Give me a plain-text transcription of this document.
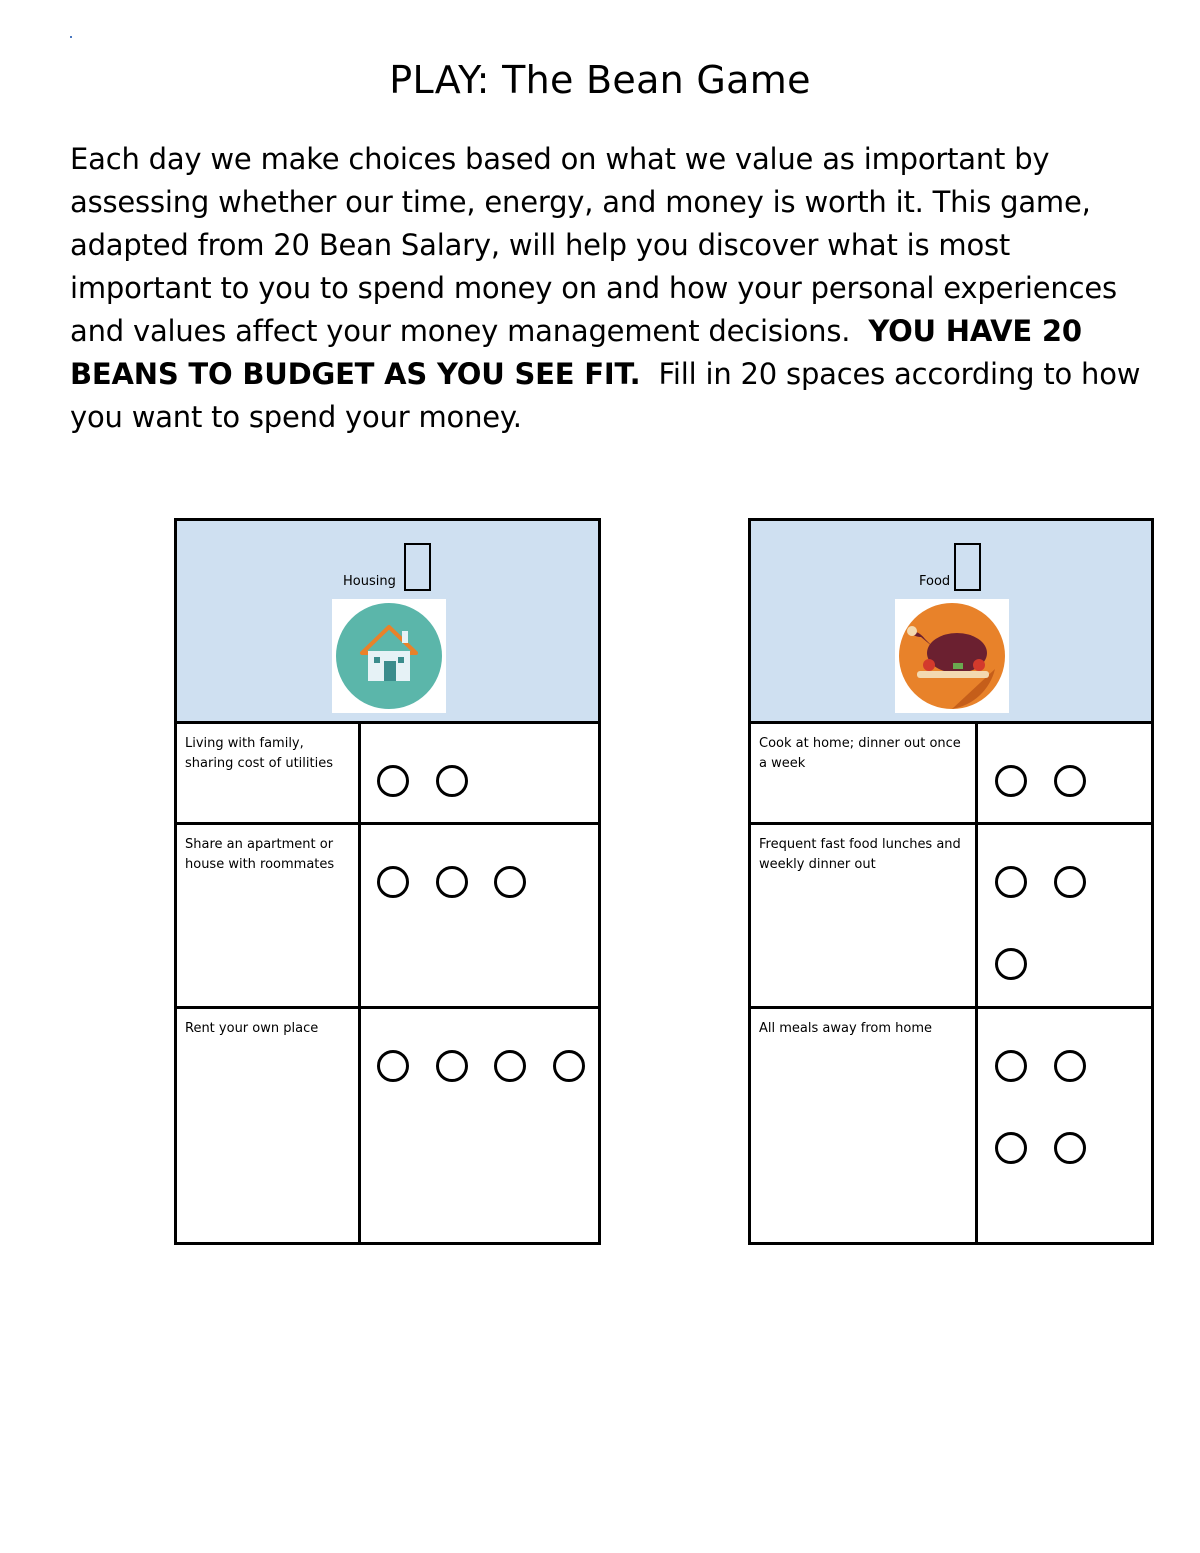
PLAY: The Bean Game
Each day we make choices based on what we value as important by assessing whether our time, energy, and money is worth it. This game, adapted from 20 Bean Salary, will help you discover what is most important to you to spend money on and how your personal experiences and values affect your money management decisions. YOU HAVE 20 BEANS TO BUDGET AS YOU SEE FIT. Fill in 20 spaces according to how you want to spend your money.
Housing
Living with family, sharing cost of utilities
Share an apartment or house with roommates
Rent your own place
Food
Cook at home; dinner out once a week
Frequent fast food lunches and weekly dinner out
All meals away from home
